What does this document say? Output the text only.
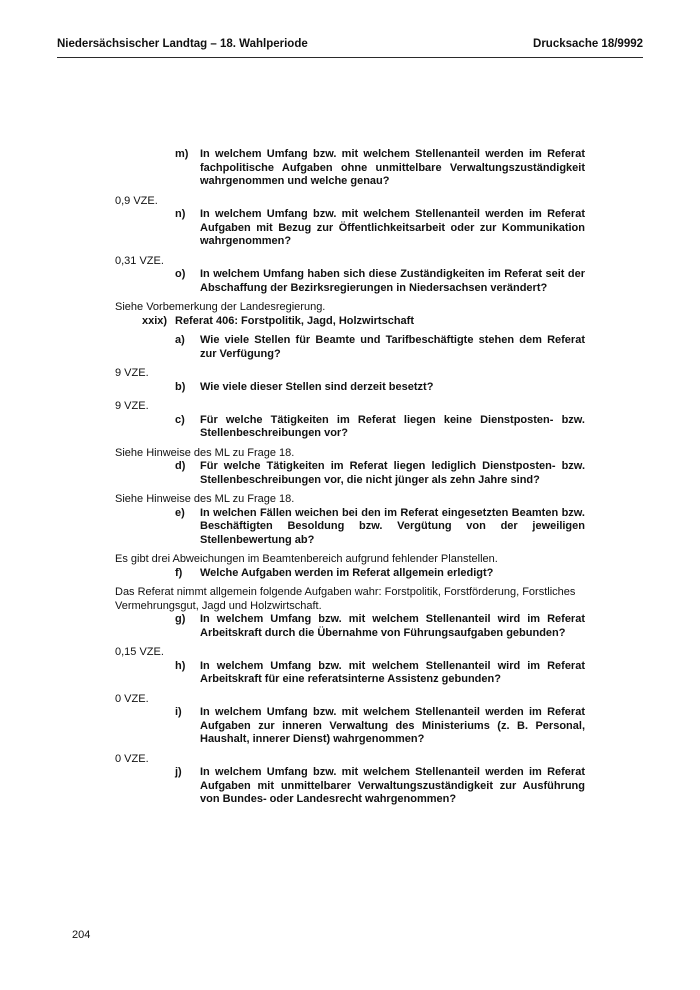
Niedersächsischer Landtag – 18. Wahlperiode	Drucksache 18/9992
m)	In welchem Umfang bzw. mit welchem Stellenanteil werden im Referat fachpolitische Aufgaben ohne unmittelbare Verwaltungszuständigkeit wahrgenommen und welche genau?

0,9 VZE.

n)	In welchem Umfang bzw. mit welchem Stellenanteil werden im Referat Aufgaben mit Bezug zur Öffentlichkeitsarbeit oder zur Kommunikation wahrgenommen?

0,31 VZE.

o)	In welchem Umfang haben sich diese Zuständigkeiten im Referat seit der Abschaffung der Bezirksregierungen in Niedersachsen verändert?

Siehe Vorbemerkung der Landesregierung.

xxix) Referat 406: Forstpolitik, Jagd, Holzwirtschaft

a)	Wie viele Stellen für Beamte und Tarifbeschäftigte stehen dem Referat zur Verfügung?

9 VZE.

b)	Wie viele dieser Stellen sind derzeit besetzt?

9 VZE.

c)	Für welche Tätigkeiten im Referat liegen keine Dienstposten- bzw. Stellenbeschreibungen vor?

Siehe Hinweise des ML zu Frage 18.

d)	Für welche Tätigkeiten im Referat liegen lediglich Dienstposten- bzw. Stellenbeschreibungen vor, die nicht jünger als zehn Jahre sind?

Siehe Hinweise des ML zu Frage 18.

e)	In welchen Fällen weichen bei den im Referat eingesetzten Beamten bzw. Beschäftigten Besoldung bzw. Vergütung von der jeweiligen Stellenbewertung ab?

Es gibt drei Abweichungen im Beamtenbereich aufgrund fehlender Planstellen.

f)	Welche Aufgaben werden im Referat allgemein erledigt?

Das Referat nimmt allgemein folgende Aufgaben wahr: Forstpolitik, Forstförderung, Forstliches Vermehrungsgut, Jagd und Holzwirtschaft.

g)	In welchem Umfang bzw. mit welchem Stellenanteil wird im Referat Arbeitskraft durch die Übernahme von Führungsaufgaben gebunden?

0,15 VZE.

h)	In welchem Umfang bzw. mit welchem Stellenanteil wird im Referat Arbeitskraft für eine referatsinterne Assistenz gebunden?

0 VZE.

i)	In welchem Umfang bzw. mit welchem Stellenanteil werden im Referat Aufgaben zur inneren Verwaltung des Ministeriums (z. B. Personal, Haushalt, innerer Dienst) wahrgenommen?

0 VZE.

j)	In welchem Umfang bzw. mit welchem Stellenanteil werden im Referat Aufgaben mit unmittelbarer Verwaltungszuständigkeit zur Ausführung von Bundes- oder Landesrecht wahrgenommen?

204
